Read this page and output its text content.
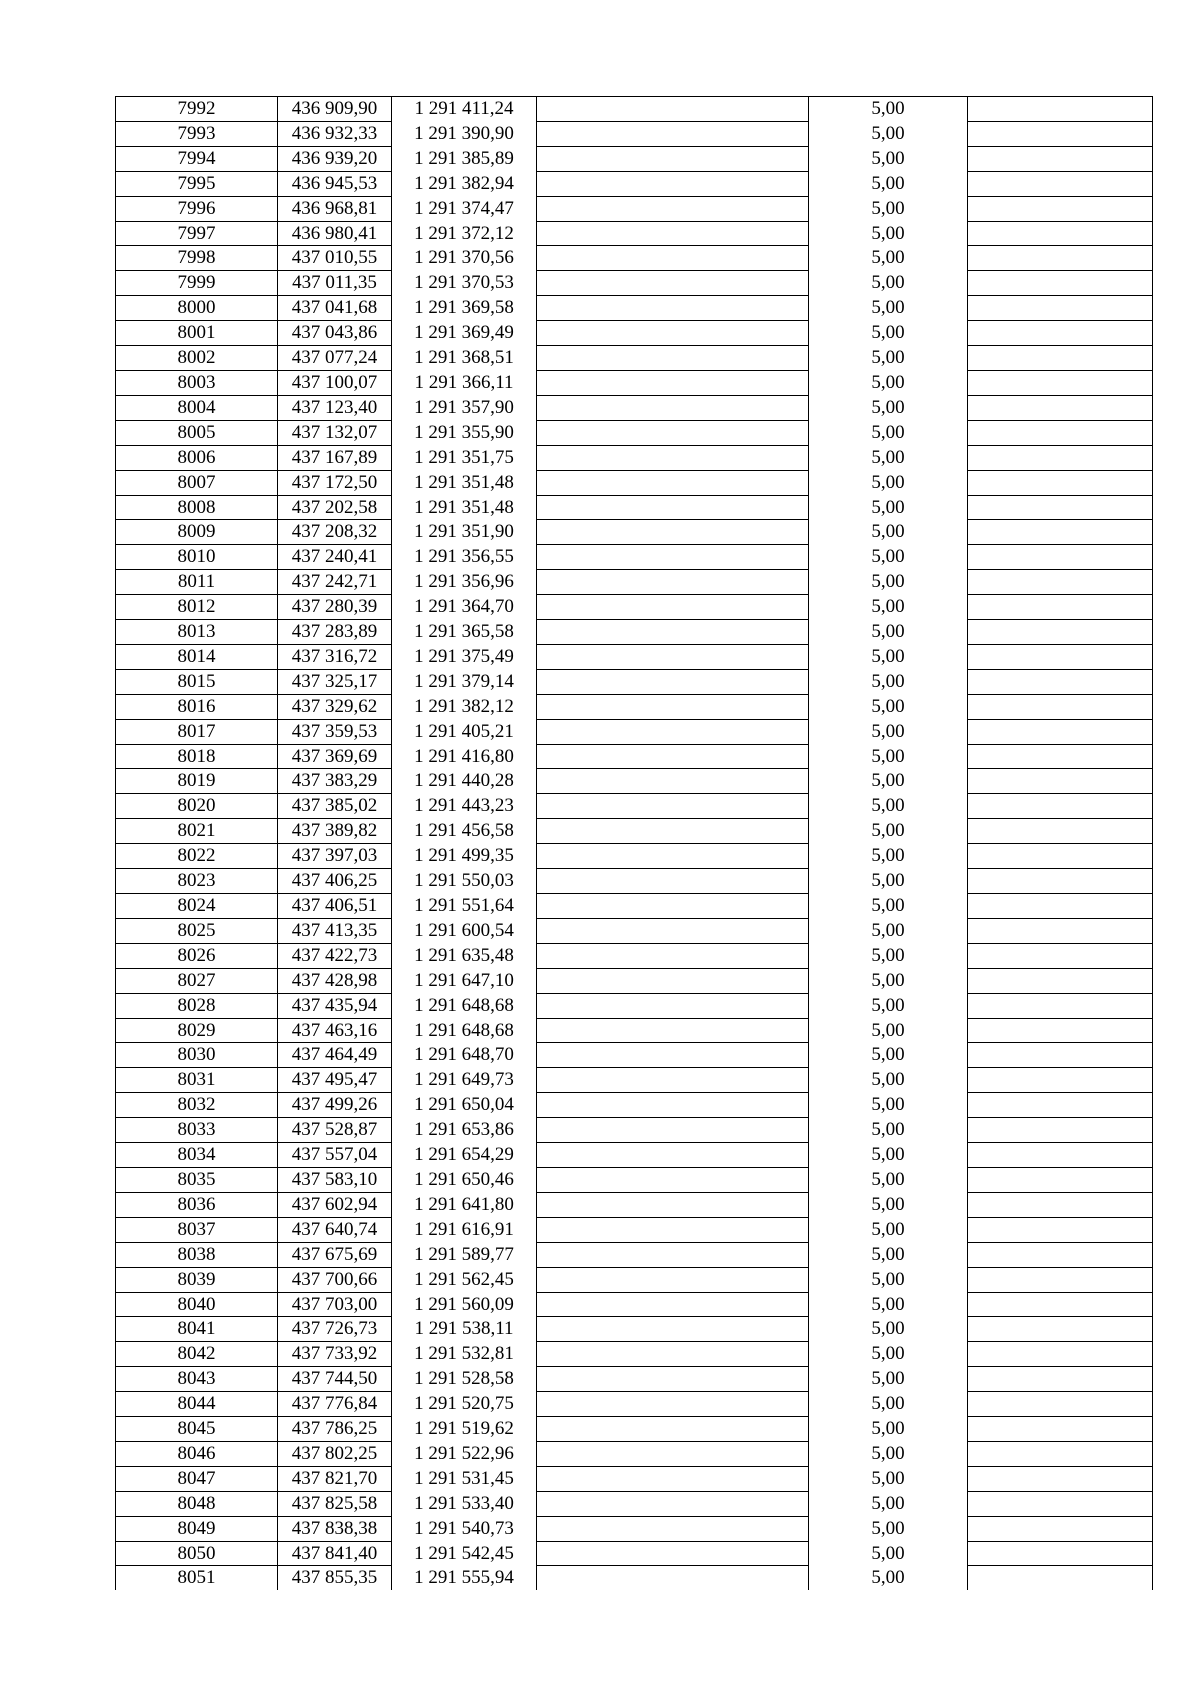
7992	436 909,90	1 291 411,24		5,00	
7993	436 932,33	1 291 390,90		5,00	
7994	436 939,20	1 291 385,89		5,00	
7995	436 945,53	1 291 382,94		5,00	
7996	436 968,81	1 291 374,47		5,00	
7997	436 980,41	1 291 372,12		5,00	
7998	437 010,55	1 291 370,56		5,00	
7999	437 011,35	1 291 370,53		5,00	
8000	437 041,68	1 291 369,58		5,00	
8001	437 043,86	1 291 369,49		5,00	
8002	437 077,24	1 291 368,51		5,00	
8003	437 100,07	1 291 366,11		5,00	
8004	437 123,40	1 291 357,90		5,00	
8005	437 132,07	1 291 355,90		5,00	
8006	437 167,89	1 291 351,75		5,00	
8007	437 172,50	1 291 351,48		5,00	
8008	437 202,58	1 291 351,48		5,00	
8009	437 208,32	1 291 351,90		5,00	
8010	437 240,41	1 291 356,55		5,00	
8011	437 242,71	1 291 356,96		5,00	
8012	437 280,39	1 291 364,70		5,00	
8013	437 283,89	1 291 365,58		5,00	
8014	437 316,72	1 291 375,49		5,00	
8015	437 325,17	1 291 379,14		5,00	
8016	437 329,62	1 291 382,12		5,00	
8017	437 359,53	1 291 405,21		5,00	
8018	437 369,69	1 291 416,80		5,00	
8019	437 383,29	1 291 440,28		5,00	
8020	437 385,02	1 291 443,23		5,00	
8021	437 389,82	1 291 456,58		5,00	
8022	437 397,03	1 291 499,35		5,00	
8023	437 406,25	1 291 550,03		5,00	
8024	437 406,51	1 291 551,64		5,00	
8025	437 413,35	1 291 600,54		5,00	
8026	437 422,73	1 291 635,48		5,00	
8027	437 428,98	1 291 647,10		5,00	
8028	437 435,94	1 291 648,68		5,00	
8029	437 463,16	1 291 648,68		5,00	
8030	437 464,49	1 291 648,70		5,00	
8031	437 495,47	1 291 649,73		5,00	
8032	437 499,26	1 291 650,04		5,00	
8033	437 528,87	1 291 653,86		5,00	
8034	437 557,04	1 291 654,29		5,00	
8035	437 583,10	1 291 650,46		5,00	
8036	437 602,94	1 291 641,80		5,00	
8037	437 640,74	1 291 616,91		5,00	
8038	437 675,69	1 291 589,77		5,00	
8039	437 700,66	1 291 562,45		5,00	
8040	437 703,00	1 291 560,09		5,00	
8041	437 726,73	1 291 538,11		5,00	
8042	437 733,92	1 291 532,81		5,00	
8043	437 744,50	1 291 528,58		5,00	
8044	437 776,84	1 291 520,75		5,00	
8045	437 786,25	1 291 519,62		5,00	
8046	437 802,25	1 291 522,96		5,00	
8047	437 821,70	1 291 531,45		5,00	
8048	437 825,58	1 291 533,40		5,00	
8049	437 838,38	1 291 540,73		5,00	
8050	437 841,40	1 291 542,45		5,00	
8051	437 855,35	1 291 555,94		5,00	
